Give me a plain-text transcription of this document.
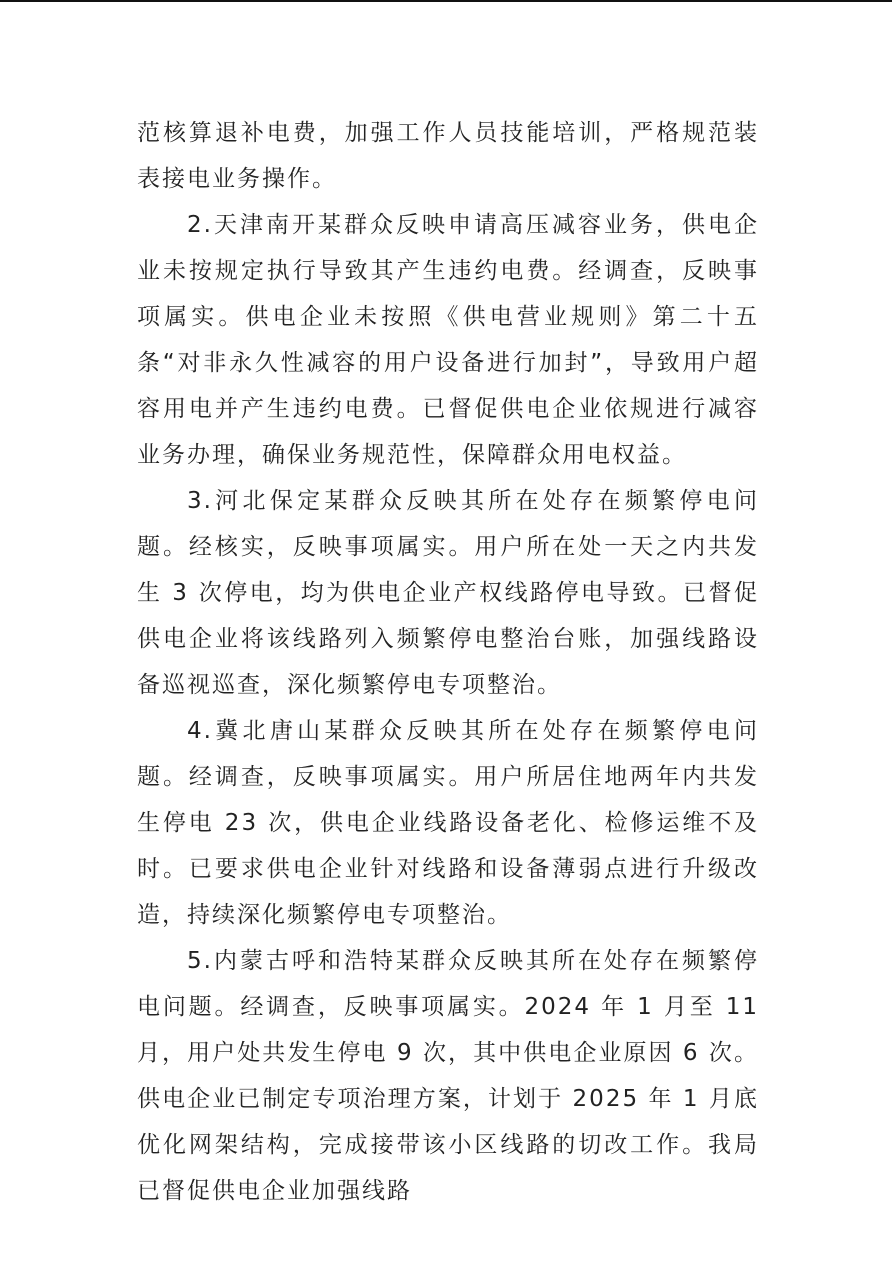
范核算退补电费，加强工作人员技能培训，严格规范装表接电业务操作。

2.天津南开某群众反映申请高压减容业务，供电企业未按规定执行导致其产生违约电费。经调查，反映事项属实。供电企业未按照《供电营业规则》第二十五条“对非永久性减容的用户设备进行加封”，导致用户超容用电并产生违约电费。已督促供电企业依规进行减容业务办理，确保业务规范性，保障群众用电权益。

3.河北保定某群众反映其所在处存在频繁停电问题。经核实，反映事项属实。用户所在处一天之内共发生 3 次停电，均为供电企业产权线路停电导致。已督促供电企业将该线路列入频繁停电整治台账，加强线路设备巡视巡查，深化频繁停电专项整治。

4.冀北唐山某群众反映其所在处存在频繁停电问题。经调查，反映事项属实。用户所居住地两年内共发生停电 23 次，供电企业线路设备老化、检修运维不及时。已要求供电企业针对线路和设备薄弱点进行升级改造，持续深化频繁停电专项整治。

5.内蒙古呼和浩特某群众反映其所在处存在频繁停电问题。经调查，反映事项属实。2024 年 1 月至 11 月，用户处共发生停电 9 次，其中供电企业原因 6 次。供电企业已制定专项治理方案，计划于 2025 年 1 月底优化网架结构，完成接带该小区线路的切改工作。我局已督促供电企业加强线路
